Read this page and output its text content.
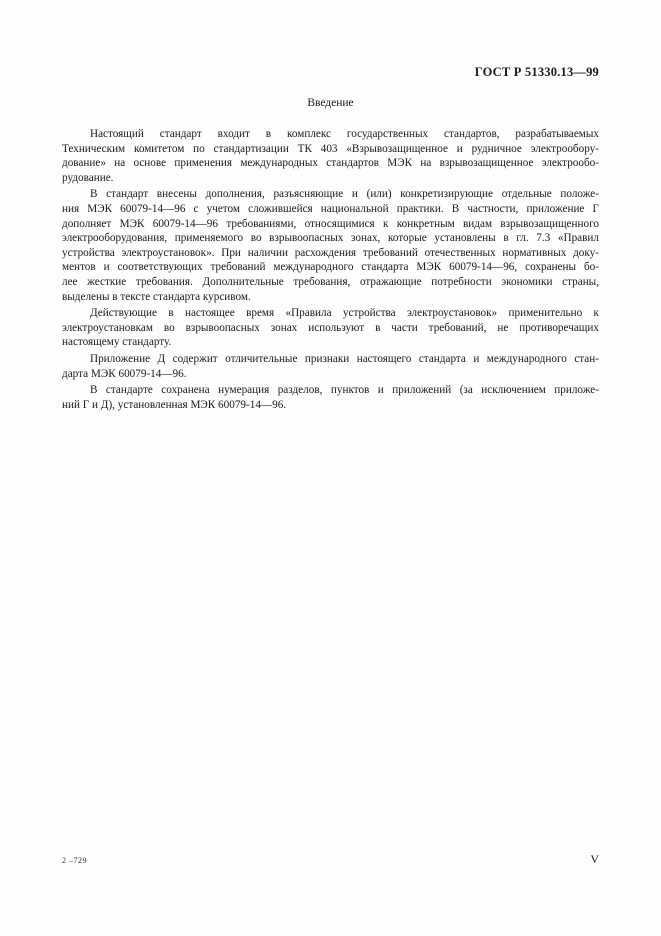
ГОСТ Р 51330.13—99
Введение

Настоящий стандарт входит в комплекс государственных стандартов, разрабатываемых
Техническим комитетом по стандартизации ТК 403 «Взрывозащищенное и рудничное электрообору-
дование» на основе применения международных стандартов МЭК на взрывозащищенное электрообо-
рудование.

В стандарт внесены дополнения, разъясняющие и (или) конкретизирующие отдельные положе-
ния МЭК 60079-14—96 с учетом сложившейся национальной практики. В частности, приложение Г
дополняет МЭК 60079-14—96 требованиями, относящимися к конкретным видам взрывозащищенного
электрооборудования, применяемого во взрывоопасных зонах, которые установлены в гл. 7.3 «Правил
устройства электроустановок». При наличии расхождения требований отечественных нормативных доку-
ментов и соответствующих требований международного стандарта МЭК 60079-14—96, сохранены бо-
лее жесткие требования. Дополнительные требования, отражающие потребности экономики страны,
выделены в тексте стандарта курсивом.

Действующие в настоящее время «Правила устройства электроустановок» применительно к
электроустановкам во взрывоопасных зонах используют в части требований, не противоречащих
настоящему стандарту.

Приложение Д содержит отличительные признаки настоящего стандарта и международного стан-
дарта МЭК 60079-14—96.

В стандарте сохранена нумерация разделов, пунктов и приложений (за исключением приложе-
ний Г и Д), установленная МЭК 60079-14—96.

2 –729	V
